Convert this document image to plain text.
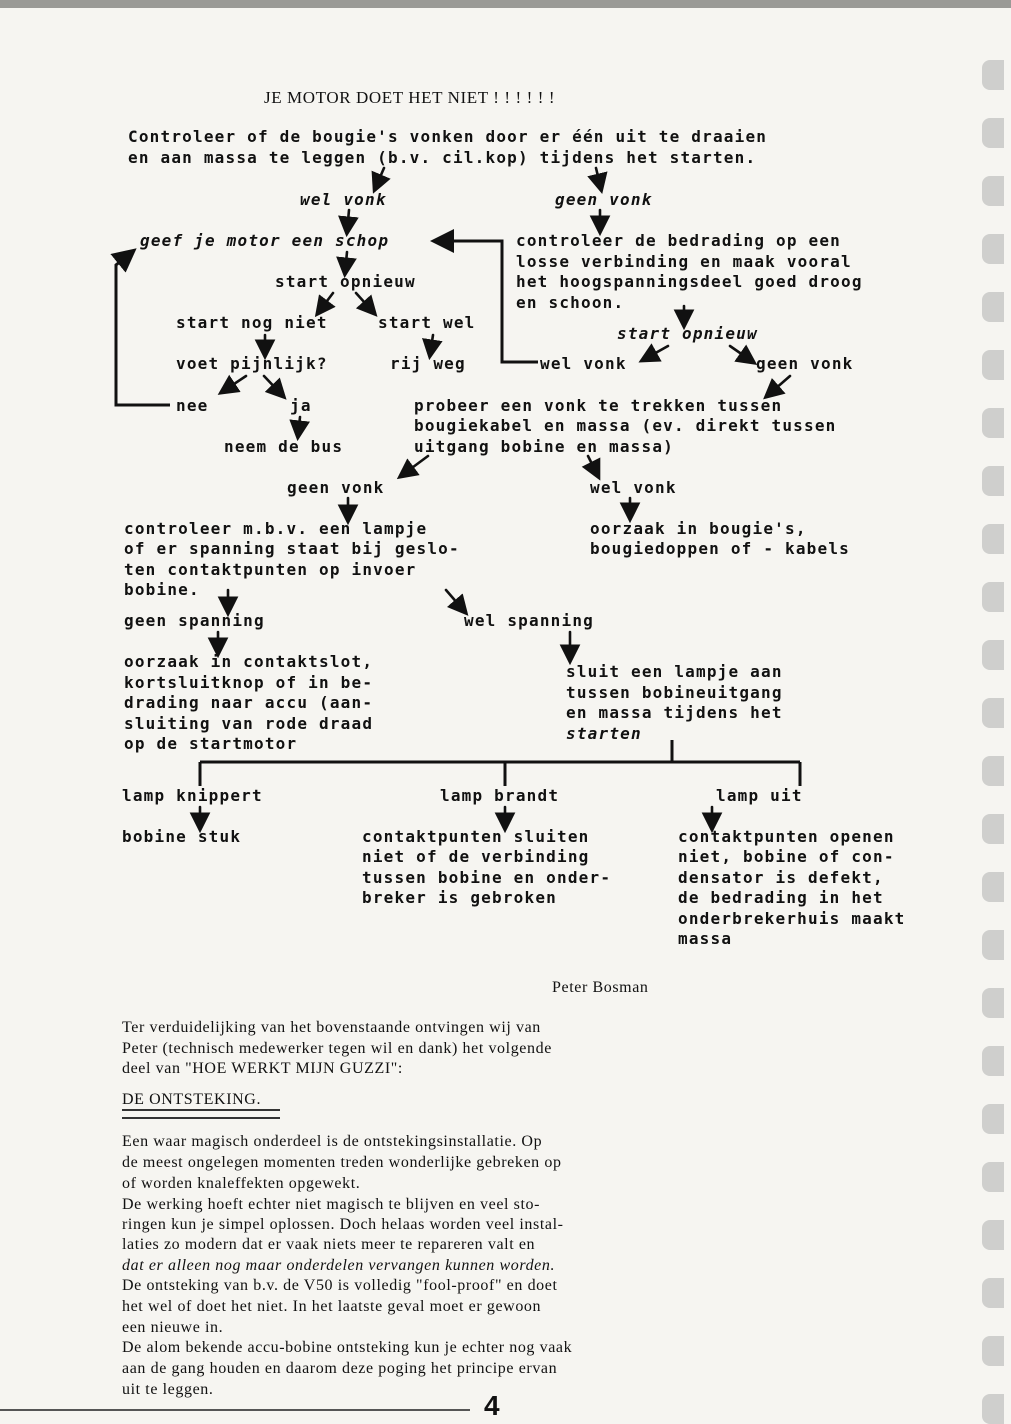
JE MOTOR DOET HET NIET ! ! ! ! ! !
Controleer of de bougie's vonken door er één uit te draaien
en aan massa te leggen (b.v. cil.kop) tijdens het starten.
wel vonk	geen vonk
geef je motor een schop	controleer de bedrading op een
losse verbinding en maak vooral
het hoogspanningsdeel goed droog
en schoon.
start opnieuw
start opnieuw
start nog niet	start wel
voet pijnlijk?	rij weg	wel vonk	geen vonk
nee	ja	probeer een vonk te trekken tussen
bougiekabel en massa (ev. direkt tussen
uitgang bobine en massa)
neem de bus
geen vonk	wel vonk
controleer m.b.v. een lampje
of er spanning staat bij geslo-
ten contaktpunten op invoer
bobine.
oorzaak in bougie's,
bougiedoppen of - kabels
geen spanning	wel spanning
oorzaak in contaktslot,
kortsluitknop of in be-
drading naar accu (aan-
sluiting van rode draad
op de startmotor
sluit een lampje aan
tussen bobineuitgang
en massa tijdens het
starten
lamp knippert	lamp brandt	lamp uit
bobine stuk	contaktpunten sluiten
niet of de verbinding
tussen bobine en onder-
breker is gebroken
contaktpunten openen
niet, bobine of con-
densator is defekt,
de bedrading in het
onderbrekerhuis maakt
massa
Peter Bosman
Ter verduidelijking van het bovenstaande ontvingen wij van
Peter (technisch medewerker tegen wil en dank) het volgende
deel van "HOE WERKT MIJN GUZZI":
DE ONTSTEKING.
Een waar magisch onderdeel is de ontstekingsinstallatie. Op
de meest ongelegen momenten treden wonderlijke gebreken op
of worden knaleffekten opgewekt.
De werking hoeft echter niet magisch te blijven en veel sto-
ringen kun je simpel oplossen. Doch helaas worden veel instal-
laties zo modern dat er vaak niets meer te repareren valt en
dat er alleen nog maar onderdelen vervangen kunnen worden.
De ontsteking van b.v. de V50 is volledig "fool-proof" en doet
het wel of doet het niet. In het laatste geval moet er gewoon
een nieuwe in.
De alom bekende accu-bobine ontsteking kun je echter nog vaak
aan de gang houden en daarom deze poging het principe ervan
uit te leggen.
4
